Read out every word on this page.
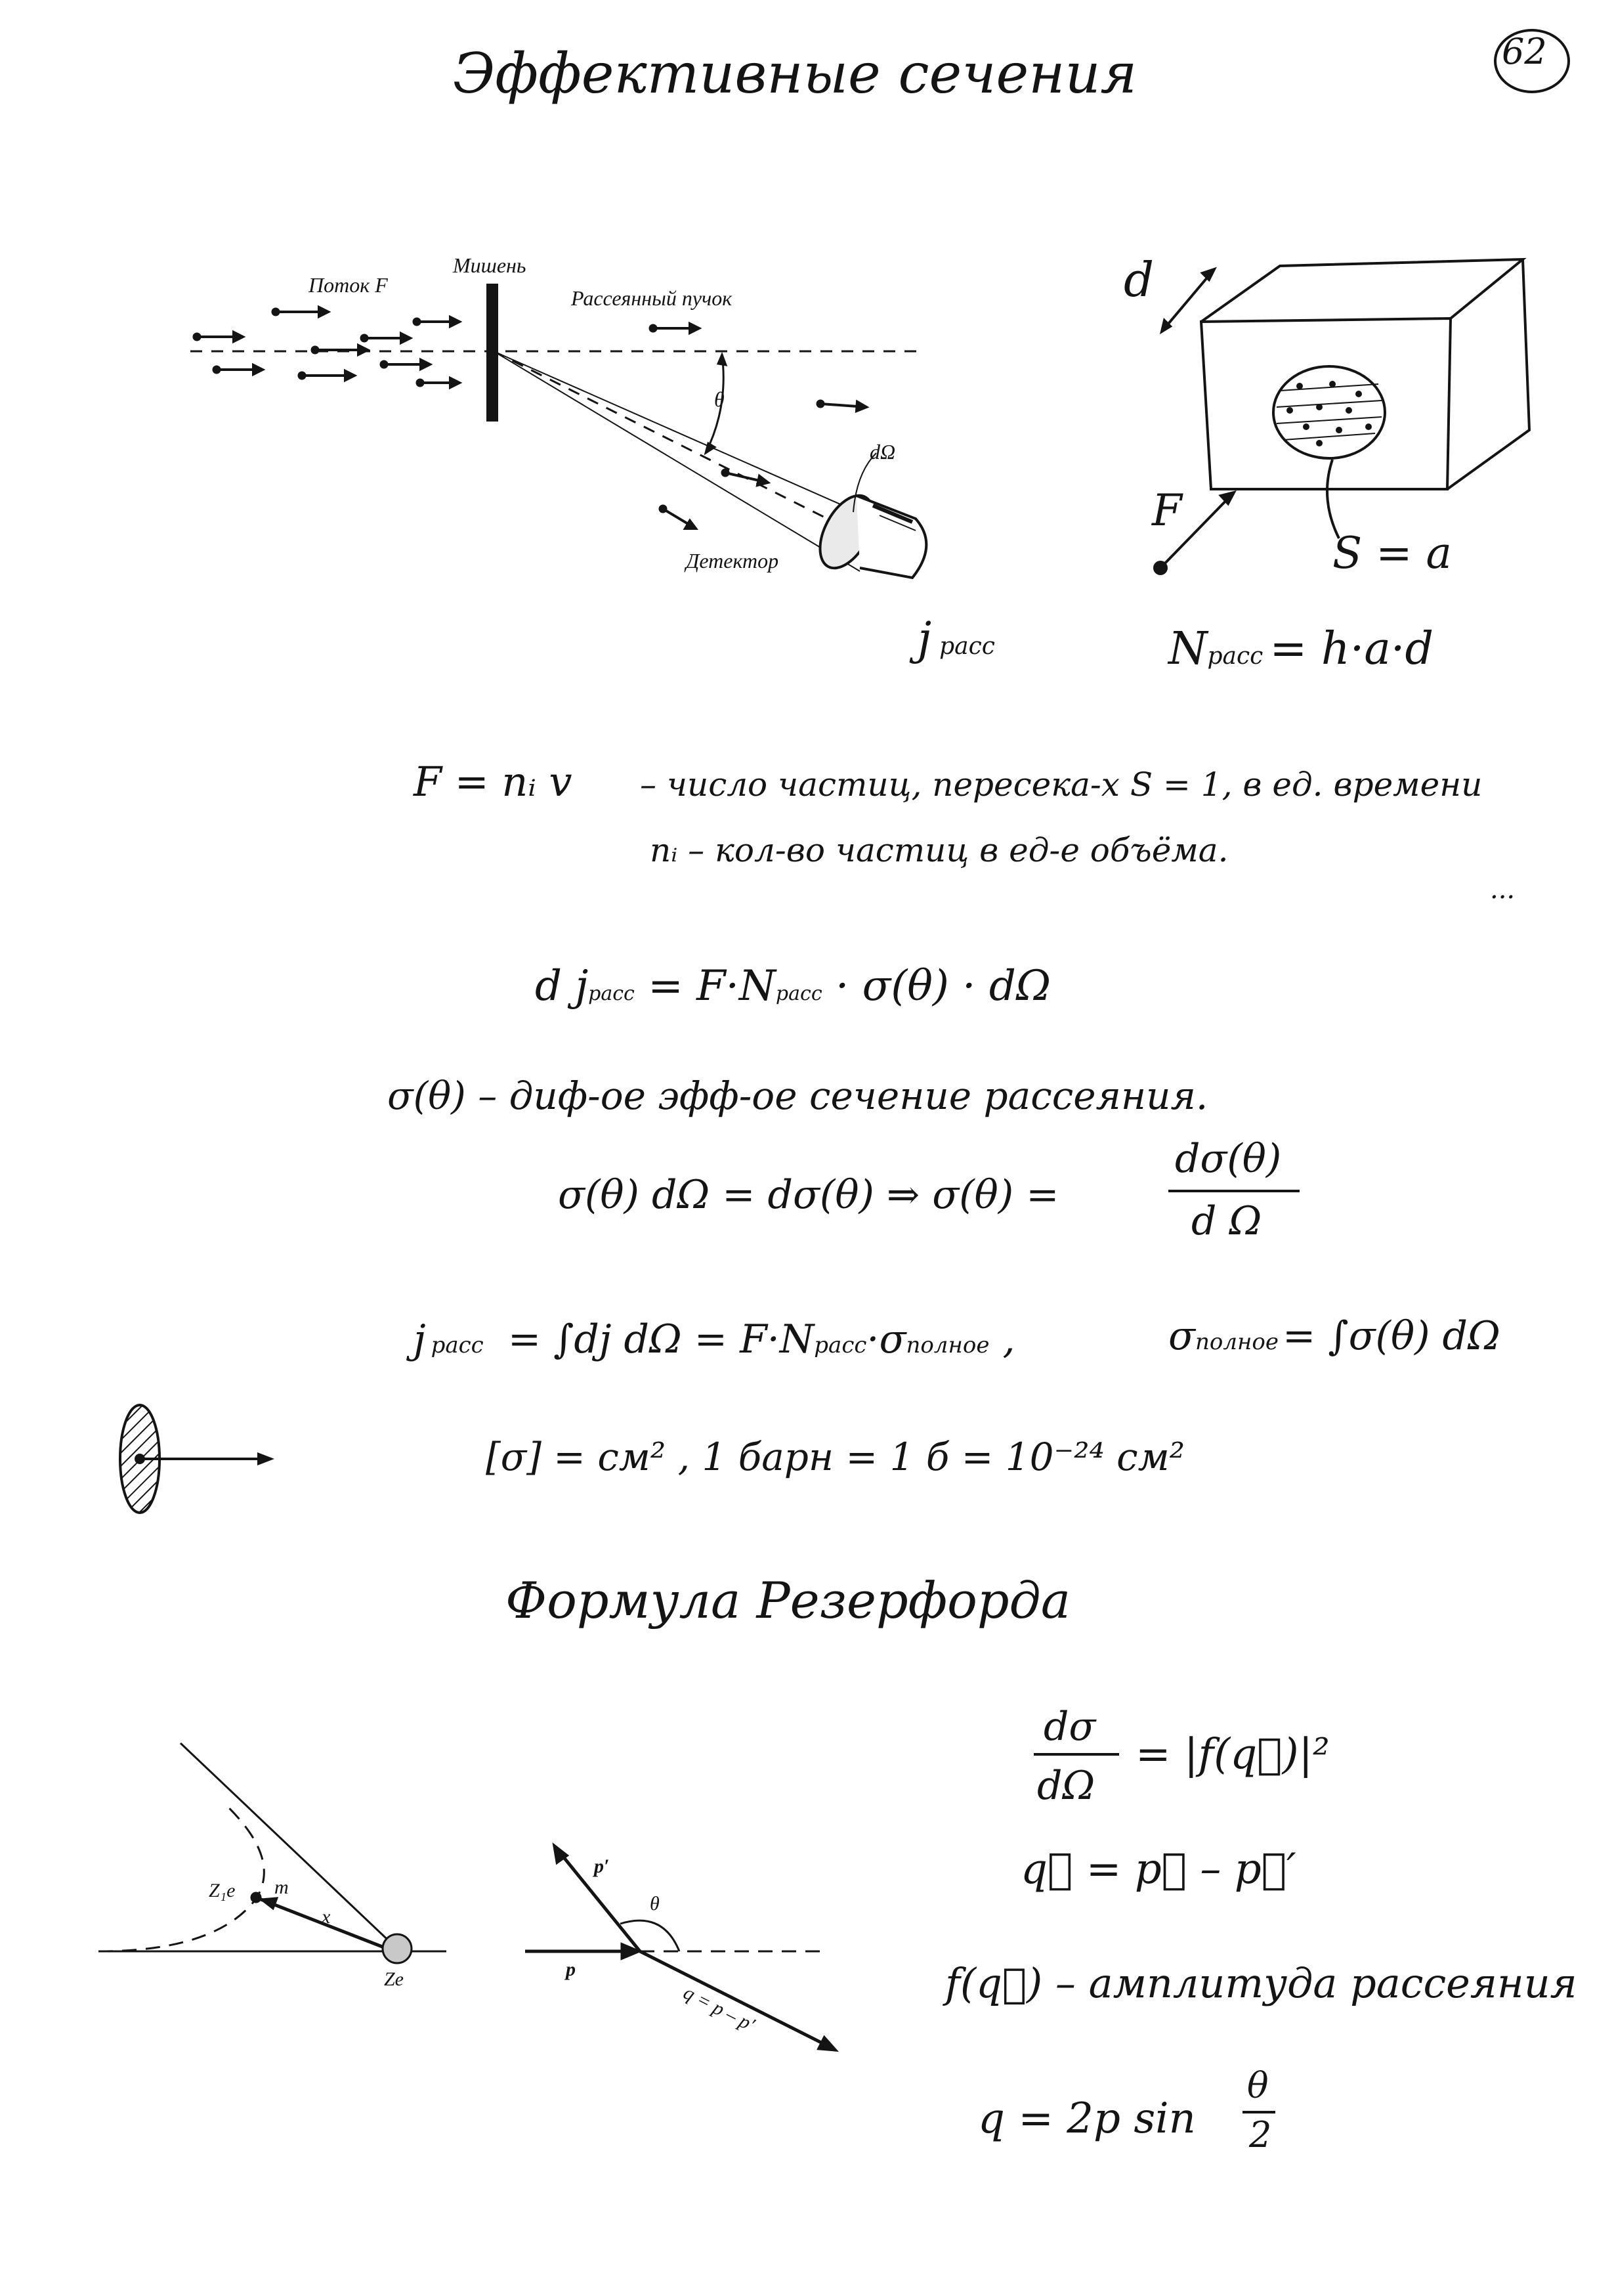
Эффективные сечения	62
Поток F
Мишень
Рассеянный пучок
θ
dΩ
Детектор
jрасс
d
F
S = a
Nрасс = h·a·d
F = nᵢ v – число частиц, пересека-х S = 1, в ед. времени
nᵢ – кол-во частиц в ед-е объёма.
...
d jрасс = F·Nрасс · σ(θ) · dΩ
σ(θ) – диф-ое эфф-ое сечение рассеяния.
σ(θ) dΩ = dσ(θ) ⇒ σ(θ) =
dσ(θ)
d Ω
jрасс = ∫dj dΩ = F·Nрасс·σполное ,	σполное = ∫σ(θ) dΩ
[σ] = см² , 1 барн = 1 б = 10⁻²⁴ см²
Формула Резерфорда
dσ
dΩ
= |f(q⃗)|²
q⃗ = p⃗ – p⃗′
f(q⃗) – амплитуда рассеяния
q = 2p sin
θ
2
Z₁e m
x
Ze	p
p′
θ
q = p – p′
